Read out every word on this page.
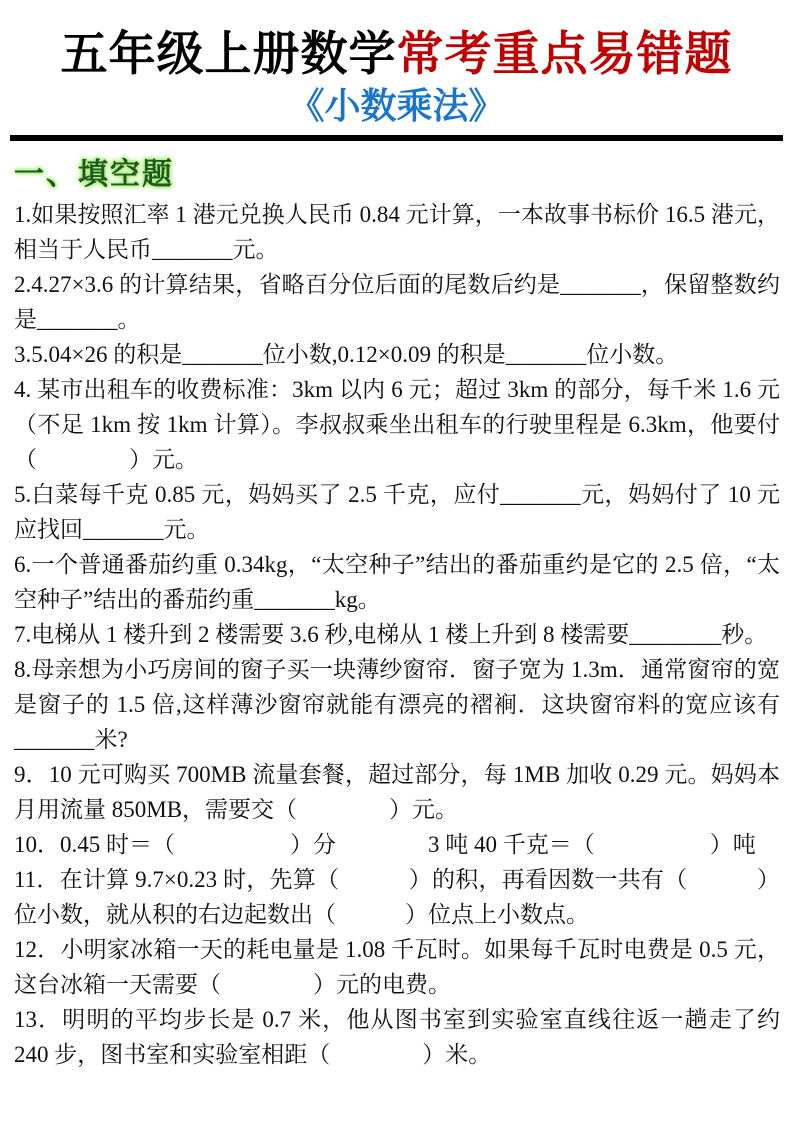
五年级上册数学常考重点易错题
《小数乘法》
一、填空题

1.如果按照汇率 1 港元兑换人民币 0.84 元计算，一本故事书标价 16.5 港元，相当于人民币_______元。

2.4.27×3.6 的计算结果，省略百分位后面的尾数后约是_______，保留整数约是_______。

3.5.04×26 的积是_______位小数,0.12×0.09 的积是_______位小数。

4. 某市出租车的收费标准：3km 以内 6 元；超过 3km 的部分，每千米 1.6 元（不足 1km 按 1km 计算）。李叔叔乘坐出租车的行驶里程是 6.3km，他要付（　　　　）元。

5.白菜每千克 0.85 元，妈妈买了 2.5 千克，应付_______元，妈妈付了 10 元应找回_______元。

6.一个普通番茄约重 0.34kg，“太空种子”结出的番茄重约是它的 2.5 倍，“太空种子”结出的番茄约重_______kg。

7.电梯从 1 楼升到 2 楼需要 3.6 秒,电梯从 1 楼上升到 8 楼需要________秒。

8.母亲想为小巧房间的窗子买一块薄纱窗帘．窗子宽为 1.3m．通常窗帘的宽是窗子的 1.5 倍,这样薄沙窗帘就能有漂亮的褶裥．这块窗帘料的宽应该有_______米?

9．10 元可购买 700MB 流量套餐，超过部分，每 1MB 加收 0.29 元。妈妈本月用流量 850MB，需要交（　　　　）元。

10．0.45 时＝（　　　　　）分　　　　3 吨 40 千克＝（　　　　　）吨

11．在计算 9.7×0.23 时，先算（　　　）的积，再看因数一共有（　　　）位小数，就从积的右边起数出（　　　）位点上小数点。

12．小明家冰箱一天的耗电量是 1.08 千瓦时。如果每千瓦时电费是 0.5 元，这台冰箱一天需要（　　　　）元的电费。

13．明明的平均步长是 0.7 米，他从图书室到实验室直线往返一趟走了约 240 步，图书室和实验室相距（　　　　）米。
